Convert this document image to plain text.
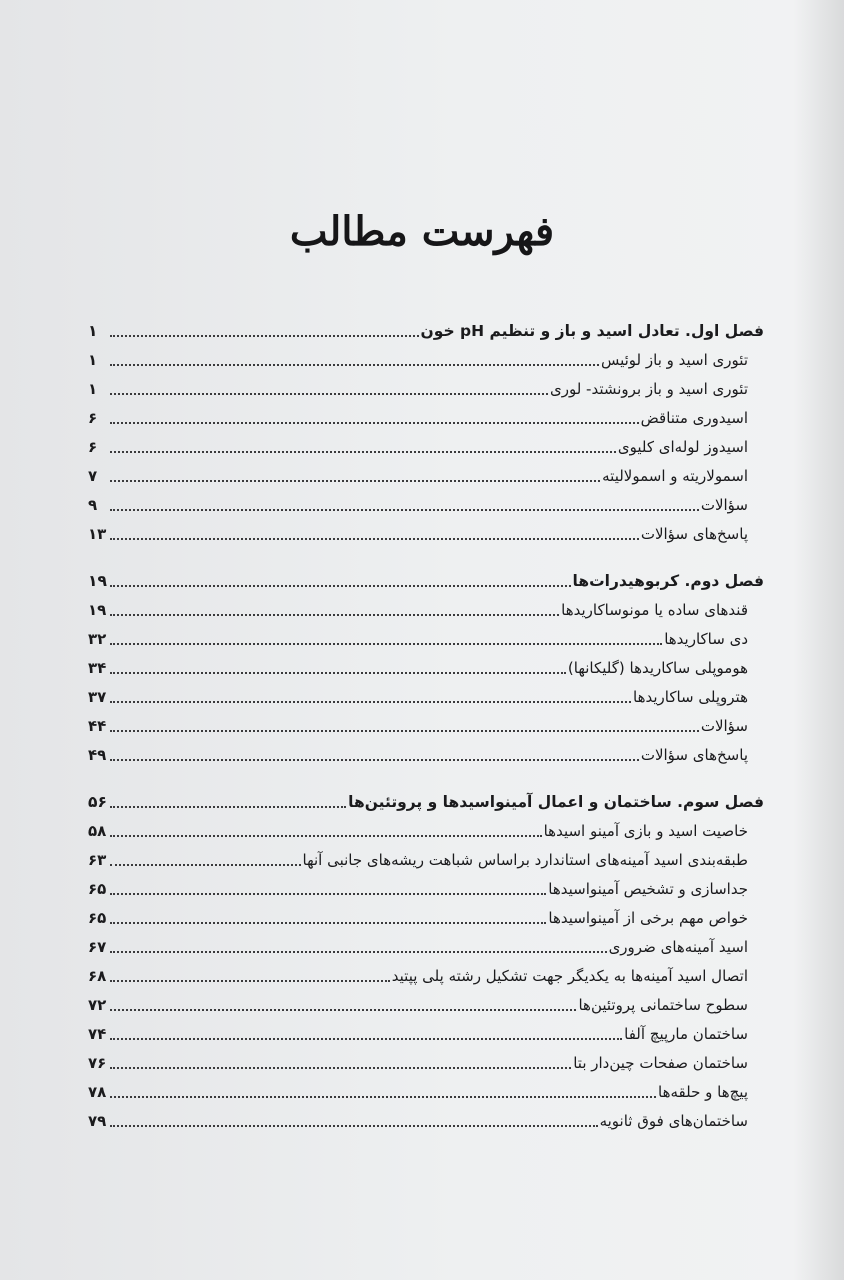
فهرست مطالب
فصل اول. تعادل اسید و باز و تنظیم pH خون
۱
تئوری اسید و باز لوئیس
۱
تئوری اسید و باز برونشتد- لوری
۱
اسیدوری متناقض
۶
اسیدوز لوله‌ای کلیوی
۶
اسمولاریته و اسمولالیته
۷
سؤالات
۹
پاسخ‌های سؤالات
۱۳
فصل دوم. کربوهیدرات‌ها
۱۹
قندهای ساده یا مونوساکاریدها
۱۹
دی ساکاریدها
۳۲
هوموپلی ساکاریدها (گلیکانها)
۳۴
هتروپلی ساکاریدها
۳۷
سؤالات
۴۴
پاسخ‌های سؤالات
۴۹
فصل سوم. ساختمان و اعمال آمینواسیدها و پروتئین‌ها
۵۶
خاصیت اسید و بازی آمینو اسیدها
۵۸
طبقه‌بندی اسید آمینه‌های استاندارد براساس شباهت ریشه‌های جانبی آنها
۶۳
جداسازی و تشخیص آمینواسیدها
۶۵
خواص مهم برخی از آمینواسیدها
۶۵
اسید آمینه‌های ضروری
۶۷
اتصال اسید آمینه‌ها به یکدیگر جهت تشکیل رشته پلی پپتید
۶۸
سطوح ساختمانی پروتئین‌ها
۷۲
ساختمان مارپیچ آلفا
۷۴
ساختمان صفحات چین‌دار بتا
۷۶
پیچ‌ها و حلقه‌ها
۷۸
ساختمان‌های فوق ثانویه
۷۹
